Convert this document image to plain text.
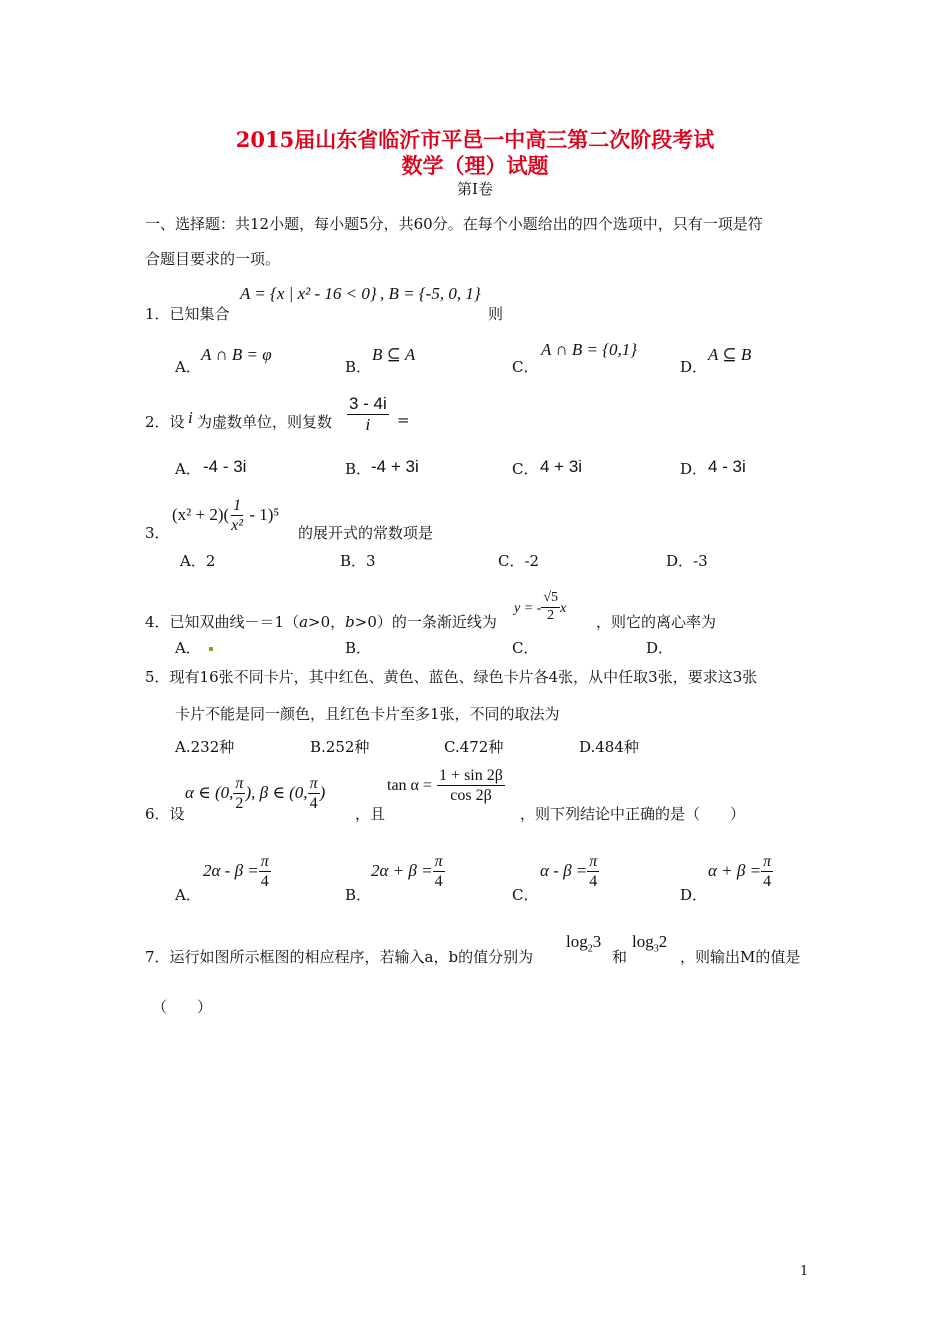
2015届山东省临沂市平邑一中高三第二次阶段考试
数学（理）试题
第Ⅰ卷
一、选择题：共12小题，每小题5分，共60分。在每个小题给出的四个选项中，只有一项是符
合题目要求的一项。
1．已知集合
A = {x | x² - 16 < 0} , B = {-5, 0, 1}
则
A．
A ∩ B = φ
B．
B ⊆ A
C．
A ∩ B = {0,1}
D．
A ⊆ B
2．设 i 为虚数单位，则复数 $\frac{3 - 4i}{i}$ =
A． -4 - 3i	B． -4 + 3i	C． 4 + 3i	D． 4 - 3i
3．
$(x^2 + 2)( \frac{1}{\text{x²}} - 1)^5$
的展开式的常数项是
A．2	B．3	C．-2	D．-3
4．已知双曲线－＝1（a>0，b>0）的一条渐近线为
y = - $\frac{√5}{2}$ x
，则它的离心率为
A．	B．	C．	D．
5．现有16张不同卡片，其中红色、黄色、蓝色、绿色卡片各4张，从中任取3张，要求这3张
卡片不能是同一颜色，且红色卡片至多1张，不同的取法为
A.232种	B.252种	C.472种	D.484种
6．设
α ∈ (0, $\frac{\pi}{2}$ ), β ∈ (0, $\frac{\pi}{4}$ )
，且
$\tan \alpha = \frac{1 + \sin 2\beta}{\cos 2\beta}$
，则下列结论中正确的是（　　）
A．
$2\alpha - \beta = \frac{\pi}{4}$
B．
$2\alpha + \beta = \frac{\pi}{4}$
C．
$\alpha - \beta = \frac{\pi}{4}$
D．
$\alpha + \beta = \frac{\pi}{4}$
7．运行如图所示框图的相应程序，若输入a，b的值分别为
$\log_23$
和
$\log_32$
，则输出M的值是
（　　）
1
